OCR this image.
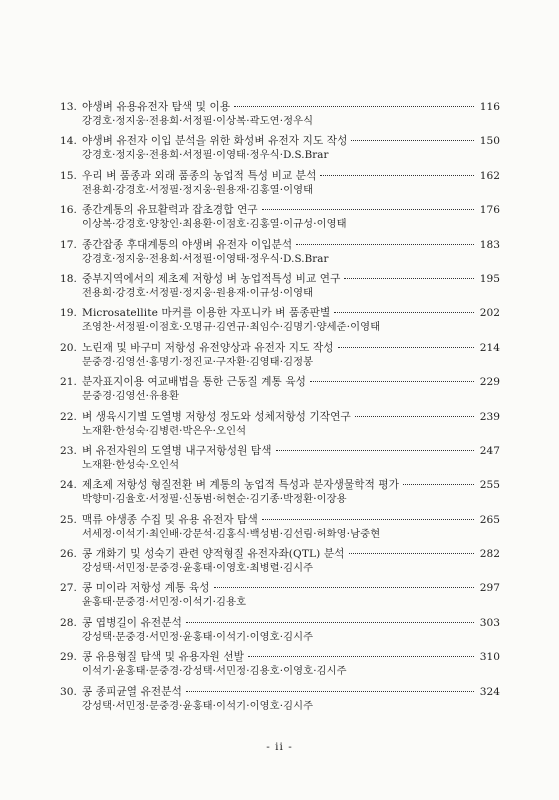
13. 야생벼 유용유전자 탐색 및 이용	116
강경호·정지웅·전용희·서정필·이상복·곽도연·정우식
14. 야생벼 유전자 이입 분석을 위한 화성벼 유전자 지도 작성	150
강경호·정지웅·전용희·서정필·이영태·정우식·D.S.Brar
15. 우리 벼 품종과 외래 품종의 농업적 특성 비교 분석	162
전용희·강경호·서정필·정지웅·원용재·김홍열·이영태
16. 종간계통의 유묘활력과 잡초경합 연구	176
이상복·강경호·양창인·최용환·이점호·김홍열·이규성·이영태
17. 종간잡종 후대계통의 야생벼 유전자 이입분석	183
강경호·정지웅·전용희·서정필·이영태·정우식·D.S.Brar
18. 중부지역에서의 제초제 저항성 벼 농업적특성 비교 연구	195
전용희·강경호·서정필·정지웅·원용재·이규성·이영태
19. Microsatellite 마커를 이용한 자포니카 벼 품종판별	202
조영찬·서정필·이점호·오명규·김연규·최임수·김명기·양세준·이영태
20. 노린재 및 바구미 저항성 유전양상과 유전자 지도 작성	214
문중경·김영선·홍명기·정진교·구자환·김영태·김정봉
21. 분자표지이용 여교배법을 통한 근동질 계통 육성	229
문중경·김영선·유용환
22. 벼 생육시기별 도열병 저항성 정도와 성체저항성 기작연구	239
노재환·한성숙·김병련·박은우·오인석
23. 벼 유전자원의 도열병 내구저항성원 탐색	247
노재환·한성숙·오인석
24. 제초제 저항성 형질전환 벼 계통의 농업적 특성과 분자생물학적 평가	255
박향미·김율호·서정필·신동범·허현순·김기종·박정환·이장용
25. 맥류 야생종 수집 및 유용 유전자 탐색	265
서세정·이석기·최인배·강문석·김홍식·백성범·김선림·허화영·남중현
26. 콩 개화기 및 성숙기 관련 양적형질 유전자좌(QTL) 분석	282
강성택·서민정·문중경·윤홍태·이영호·최병렬·김시주
27. 콩 미이라 저항성 계통 육성	297
윤홍태·문중경·서민정·이석기·김용호
28. 콩 엽병길이 유전분석	303
강성택·문중경·서민정·윤홍태·이석기·이영호·김시주
29. 콩 유용형질 탐색 및 유용자원 선발	310
이석기·윤홍태·문중경·강성택·서민정·김용호·이영호·김시주
30. 콩 종피균열 유전분석	324
강성택·서민정·문중경·윤홍태·이석기·이영호·김시주
- ii -
